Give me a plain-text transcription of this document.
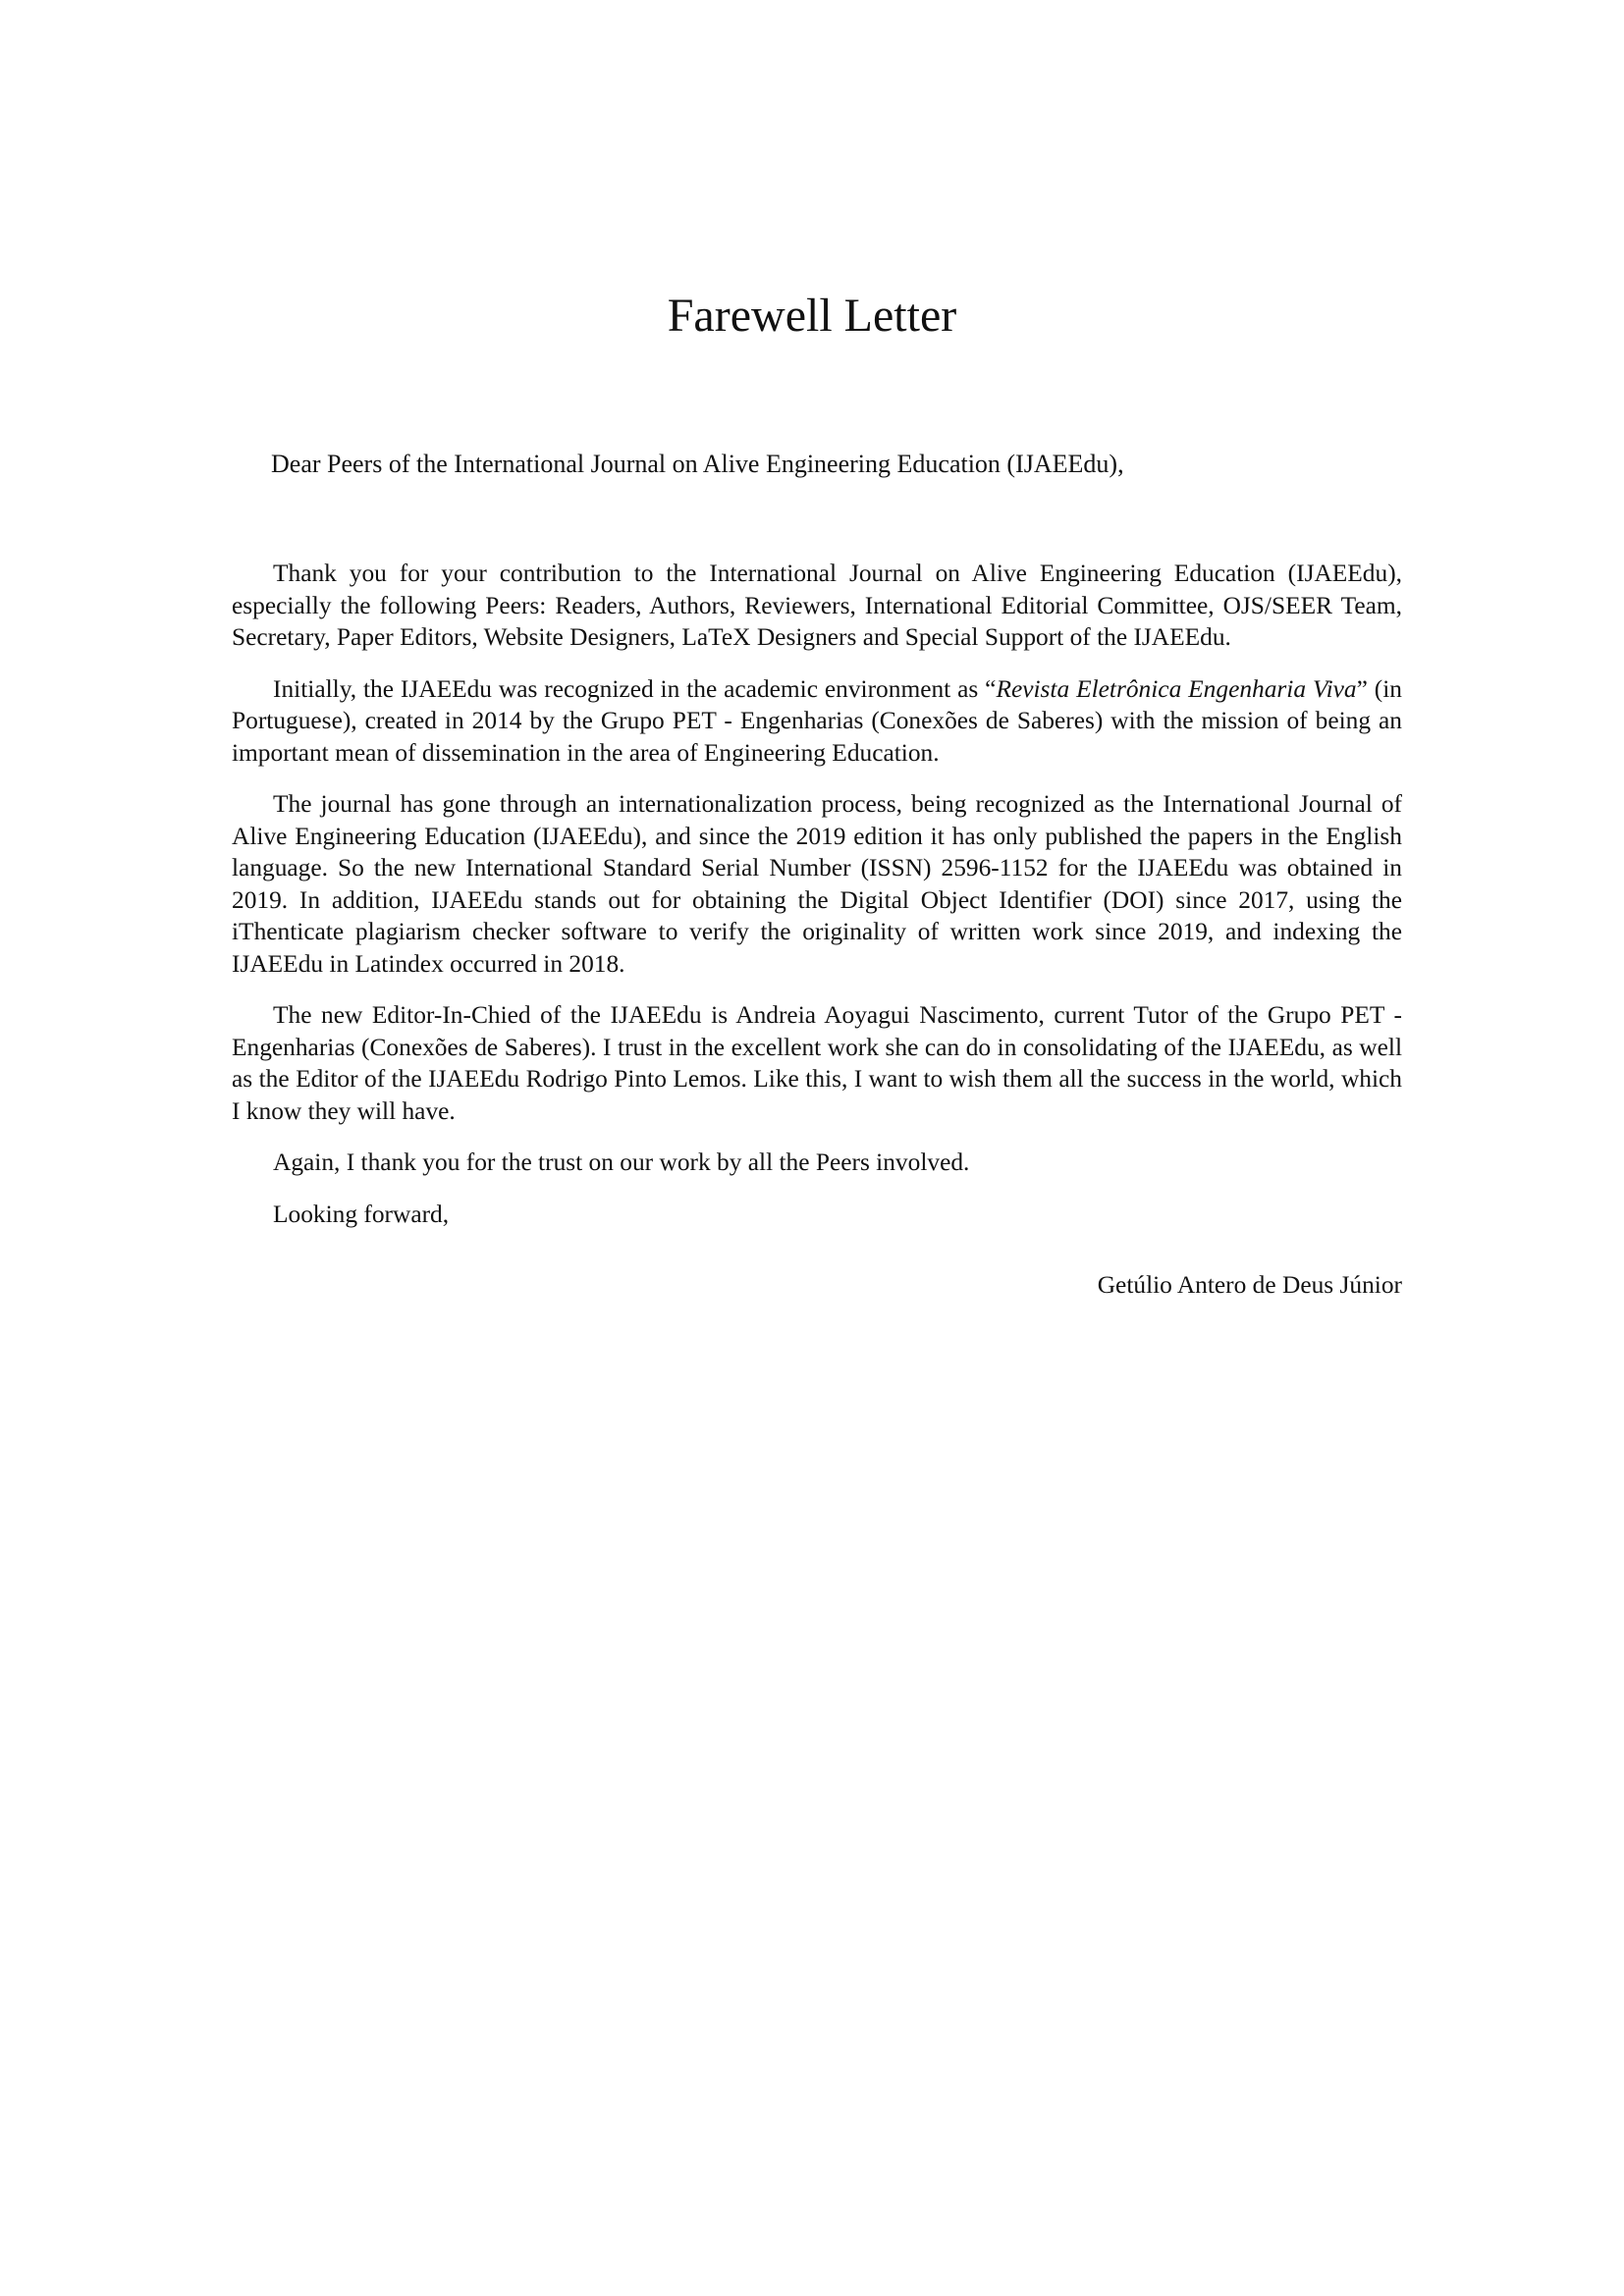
Farewell Letter

Dear Peers of the International Journal on Alive Engineering Education (IJAEEdu),

Thank you for your contribution to the International Journal on Alive Engineering Education (IJAEEdu), especially the following Peers: Readers, Authors, Reviewers, International Editorial Committee, OJS/SEER Team, Secretary, Paper Editors, Website Designers, LaTeX Designers and Special Support of the IJAEEdu.

Initially, the IJAEEdu was recognized in the academic environment as “Revista Eletrônica Engenharia Viva” (in Portuguese), created in 2014 by the Grupo PET - Engenharias (Conexões de Saberes) with the mission of being an important mean of dissemination in the area of Engineering Education.

The journal has gone through an internationalization process, being recognized as the International Journal of Alive Engineering Education (IJAEEdu), and since the 2019 edition it has only published the papers in the English language. So the new International Standard Serial Number (ISSN) 2596-1152 for the IJAEEdu was obtained in 2019. In addition, IJAEEdu stands out for obtaining the Digital Object Identifier (DOI) since 2017, using the iThenticate plagiarism checker software to verify the originality of written work since 2019, and indexing the IJAEEdu in Latindex occurred in 2018.

The new Editor-In-Chied of the IJAEEdu is Andreia Aoyagui Nascimento, current Tutor of the Grupo PET - Engenharias (Conexões de Saberes). I trust in the excellent work she can do in consolidating of the IJAEEdu, as well as the Editor of the IJAEEdu Rodrigo Pinto Lemos. Like this, I want to wish them all the success in the world, which I know they will have.

Again, I thank you for the trust on our work by all the Peers involved.

Looking forward,

Getúlio Antero de Deus Júnior
